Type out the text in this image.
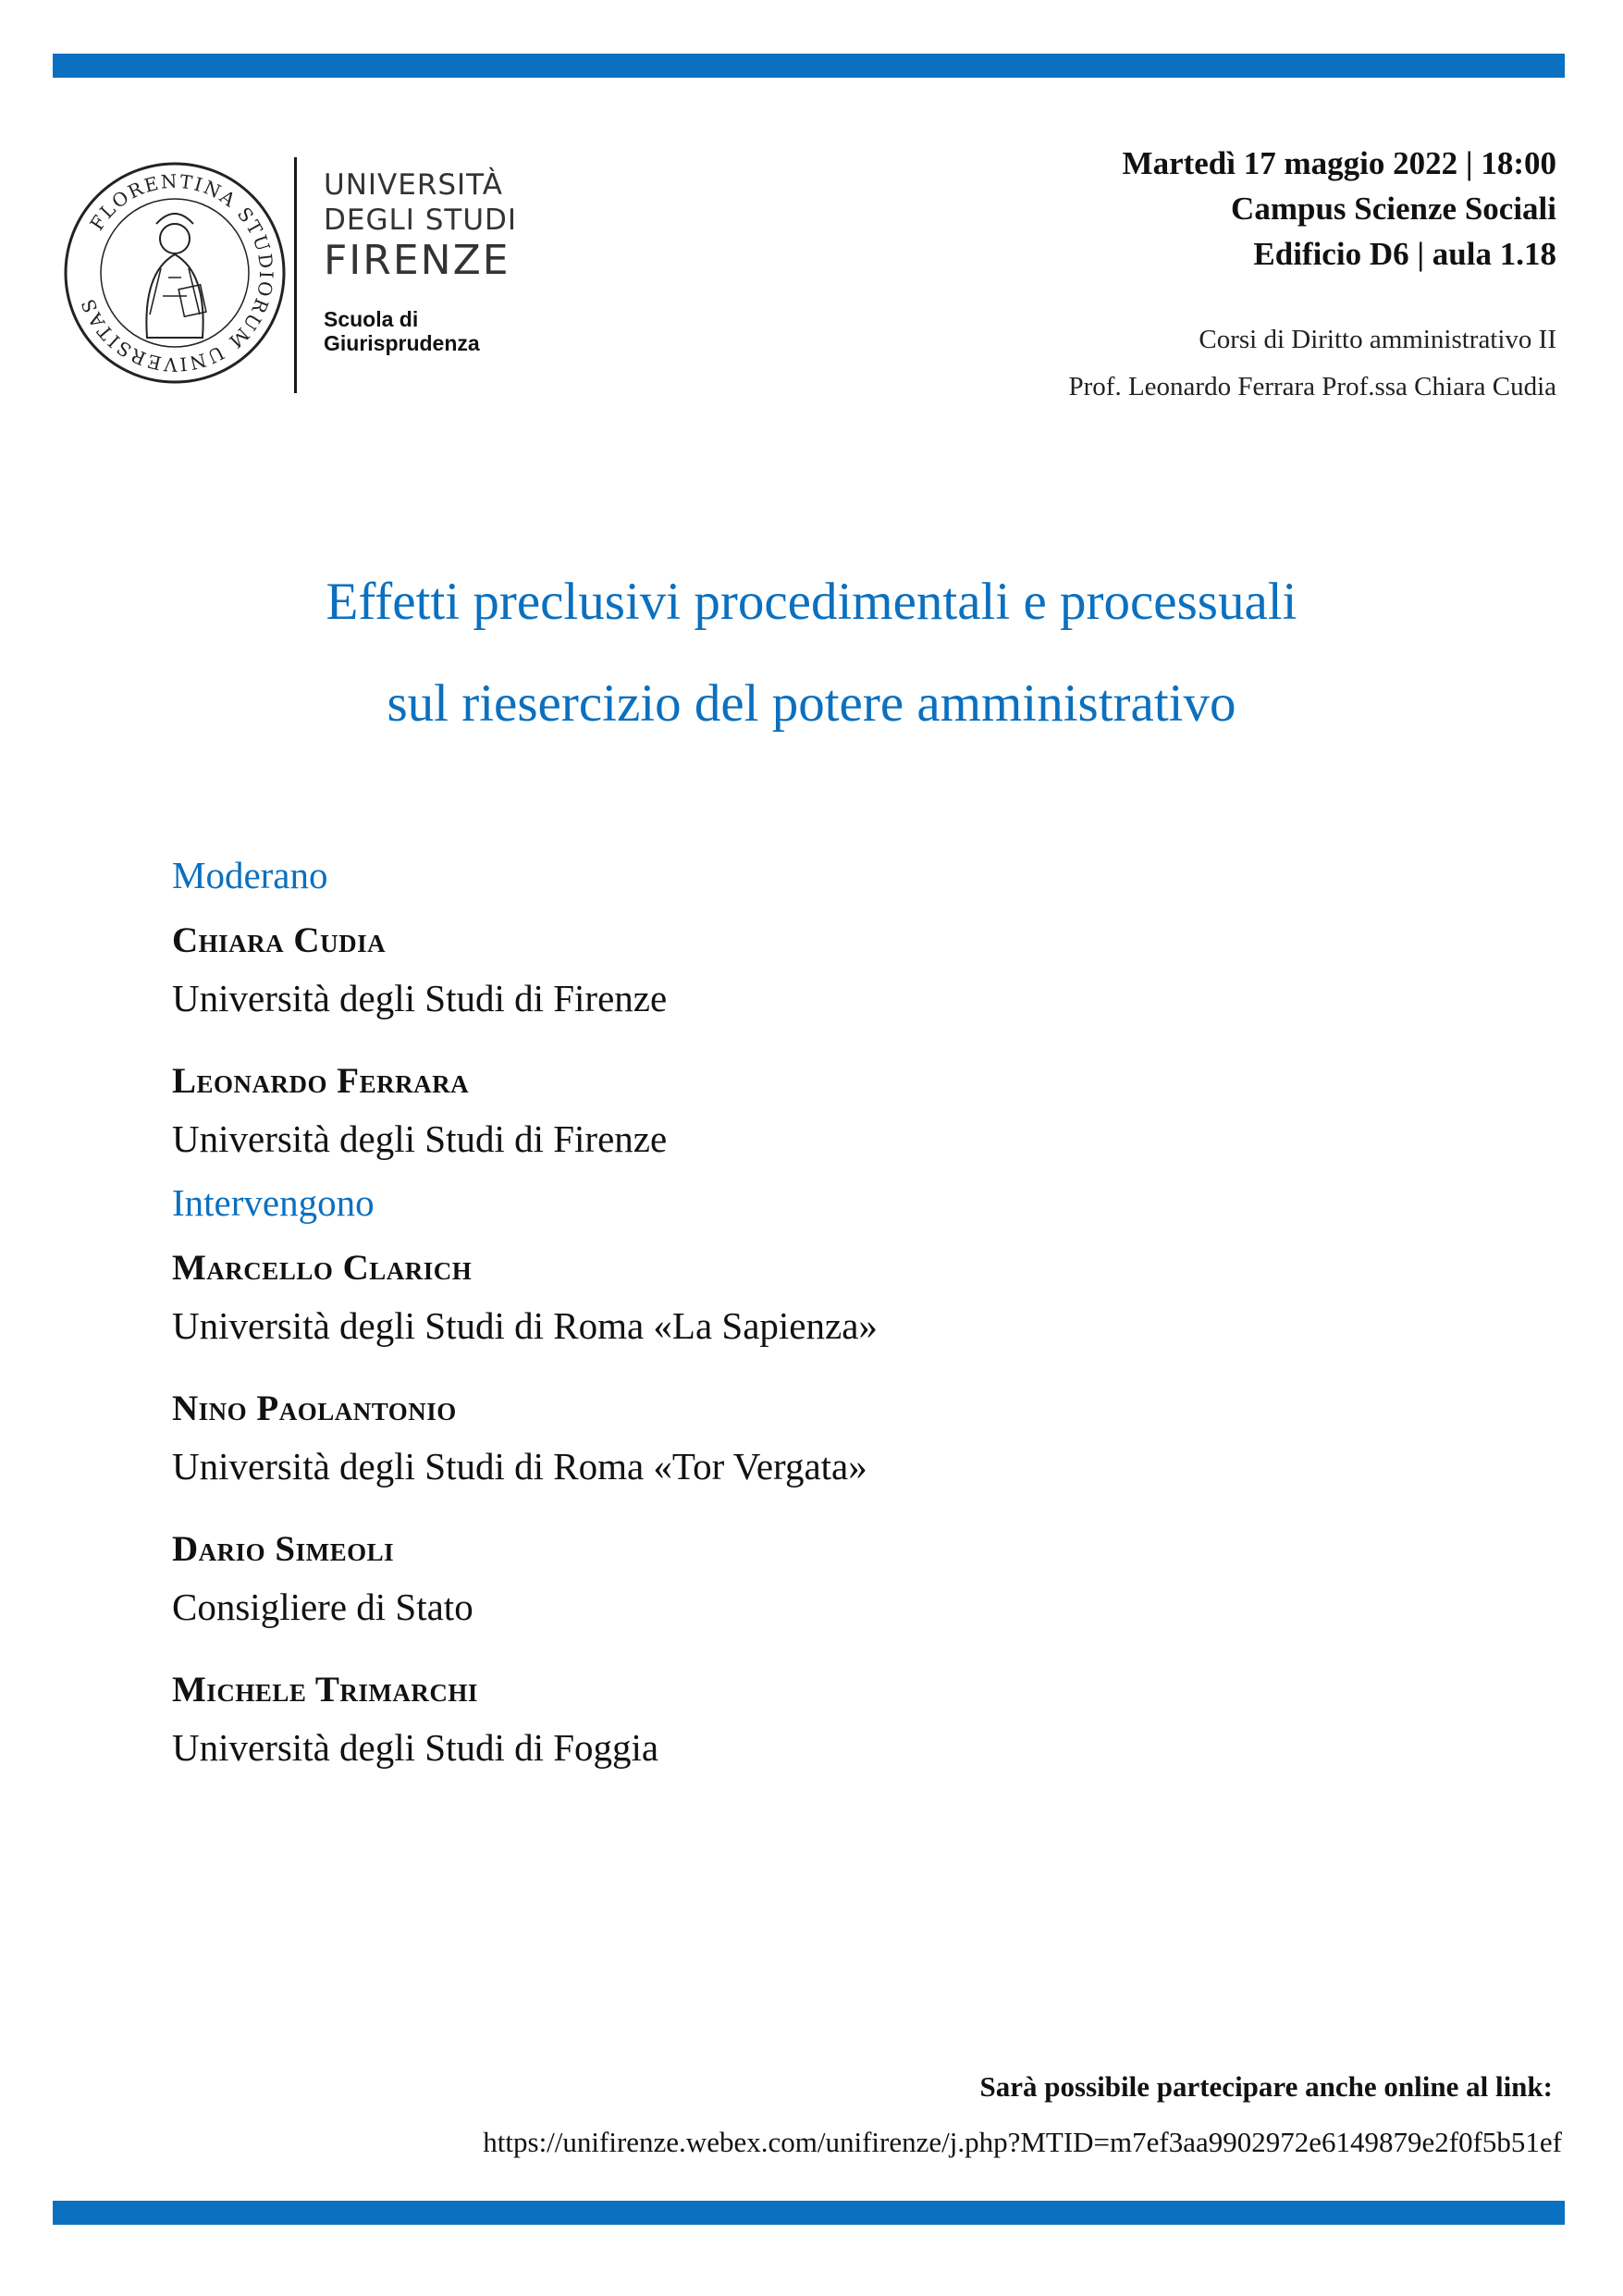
FLORENTINA STUDIORUM UNIVERSITAS
UNIVERSITÀ
DEGLI STUDI
FIRENZE
Scuola di
Giurisprudenza
Martedì 17 maggio 2022 | 18:00
Campus Scienze Sociali
Edificio D6 | aula 1.18
Corsi di Diritto amministrativo II
Prof. Leonardo Ferrara Prof.ssa Chiara Cudia
Effetti preclusivi procedimentali e processuali
sul riesercizio del potere amministrativo
Moderano
Chiara Cudia
Università degli Studi di Firenze
Leonardo Ferrara
Università degli Studi di Firenze
Intervengono
Marcello Clarich
Università degli Studi di Roma «La Sapienza»
Nino Paolantonio
Università degli Studi di Roma «Tor Vergata»
Dario Simeoli
Consigliere di Stato
Michele Trimarchi
Università degli Studi di Foggia
Sarà possibile partecipare anche online al link:
https://unifirenze.webex.com/unifirenze/j.php?MTID=m7ef3aa9902972e6149879e2f0f5b51ef
